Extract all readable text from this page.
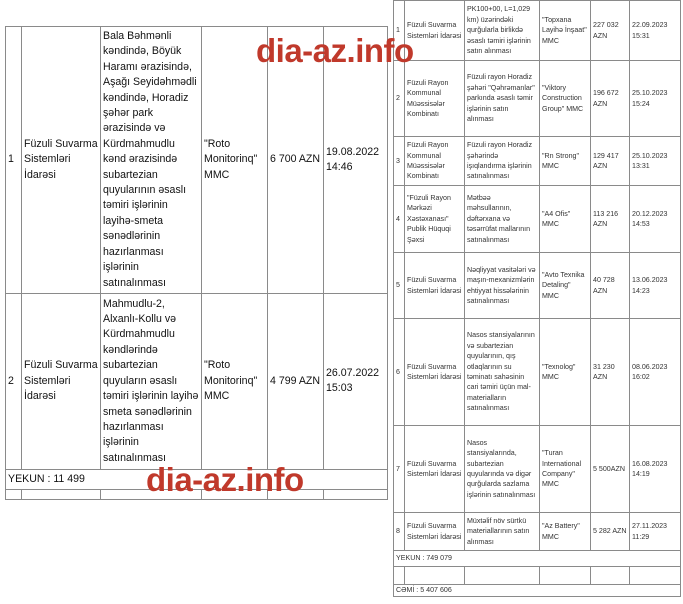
1	Füzuli Suvarma Sistemləri İdarəsi	Bala Bəhmənli kəndində, Böyük Haramı ərazisində, Aşağı Seyidəhmədli kəndində, Horadiz şəhər park ərazisində və Kürdmahmudlu kənd ərazisində subartezian quyularının əsaslı təmiri işlərinin layihə-smeta sənədlərinin hazırlanması işlərinin satınalınması	"Roto Monitorinq" MMC	6 700 AZN	19.08.2022 14:46
2	Füzuli Suvarma Sistemləri İdarəsi	Mahmudlu-2, Alxanlı-Kollu və Kürdmahmudlu kəndlərində subartezian quyuların əsaslı təmiri işlərinin layihə smeta sənədlərinin hazırlanması işlərinin satınalınması	"Roto Monitorinq" MMC	4 799 AZN	26.07.2022 15:03
YEKUN : 11 499					

1	Füzuli Suvarma Sistemləri İdarəsi	PK100+00, L=1,029 km) üzərindəki qurğularla birlikdə əsaslı təmiri işlərinin satın alınması	"Topxana Layihə İnşaat" MMC	227 032 AZN	22.09.2023 15:31
2	Füzuli Rayon Kommunal Müəssisələr Kombinatı	Füzuli rayon Horadiz şəhəri "Qəhrəmanlar" parkında əsaslı təmir işlərinin satın alınması	"Viktory Construction Group" MMC	196 672 AZN	25.10.2023 15:24
3	Füzuli Rayon Kommunal Müəssisələr Kombinatı	Füzuli rayon Horadiz şəhərində işıqlandırma işlərinin satınalınması	"Rn Strong" MMC	129 417 AZN	25.10.2023 13:31
4	"Füzuli Rayon Mərkəzi Xəstəxanası" Publik Hüquqi Şəxsi	Mətbəə məhsullarının, dəftərxana və təsərrüfat mallarının satınalınması	"A4 Ofis" MMC	113 216 AZN	20.12.2023 14:53
5	Füzuli Suvarma Sistemləri İdarəsi	Nəqliyyat vasitələri və maşın-mexanizmlərin ehtiyyat hissələrinin satınalınması	"Avto Texnika Detaling" MMC	40 728 AZN	13.06.2023 14:23
6	Füzuli Suvarma Sistemləri İdarəsi	Nasos stansiyalarının və subartezian quyularının, qış otlaqlarının su təminatı sahəsinin cari təmiri üçün mal-materialların satınalınması	"Texnolog" MMC	31 230 AZN	08.06.2023 16:02
7	Füzuli Suvarma Sistemləri İdarəsi	Nasos stansiyalarında, subartezian quyularında və digər qurğularda sazlama işlərinin satınalınması	"Turan International Company" MMC	5 500AZN	16.08.2023 14:19
8	Füzuli Suvarma Sistemləri İdarəsi	Müxtəlif növ sürtkü materiallarının satın alınması	"Az Battery" MMC	5 282 AZN	27.11.2023 11:29
YEKUN : 749 079					

CƏMİ : 5 407 606					
dia-az.info
dia-az.info
